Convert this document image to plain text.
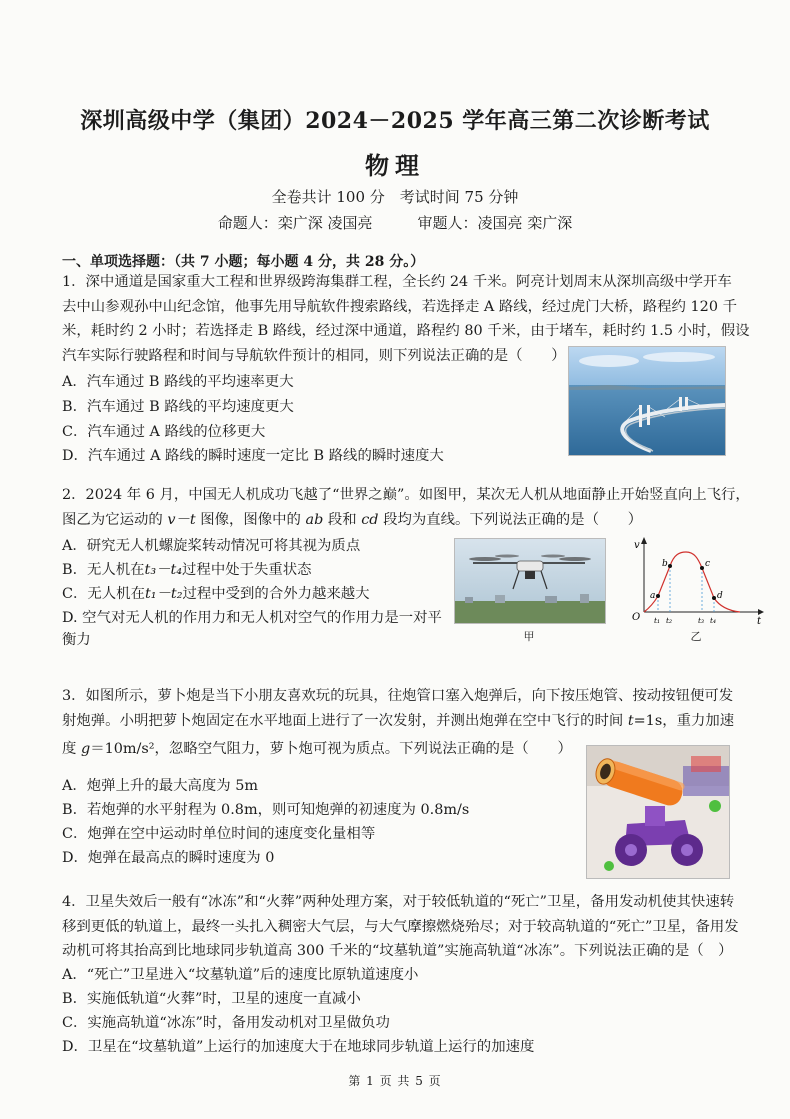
深圳高级中学（集团）2024－2025 学年高三第二次诊断考试
物理
全卷共计 100 分　考试时间 75 分钟
命题人：栾广深 凌国亮　　　审题人：凌国亮 栾广深
一、单项选择题：（共 7 小题；每小题 4 分，共 28 分。）
1．深中通道是国家重大工程和世界级跨海集群工程，全长约 24 千米。阿亮计划周末从深圳高级中学开车
去中山参观孙中山纪念馆，他事先用导航软件搜索路线，若选择走 A 路线，经过虎门大桥，路程约 120 千
米，耗时约 2 小时；若选择走 B 路线，经过深中通道，路程约 80 千米，由于堵车，耗时约 1.5 小时，假设
汽车实际行驶路程和时间与导航软件预计的相同，则下列说法正确的是（　　）
A．汽车通过 B 路线的平均速率更大
B．汽车通过 B 路线的平均速度更大
C．汽车通过 A 路线的位移更大
D．汽车通过 A 路线的瞬时速度一定比 B 路线的瞬时速度大
2．2024 年 6 月，中国无人机成功飞越了“世界之巅”。如图甲，某次无人机从地面静止开始竖直向上飞行，
图乙为它运动的 v－t 图像，图像中的 ab 段和 cd 段均为直线。下列说法正确的是（　　）
A．研究无人机螺旋桨转动情况可将其视为质点
B．无人机在t₃－t₄过程中处于失重状态
C．无人机在t₁－t₂过程中受到的合外力越来越大
D. 空气对无人机的作用力和无人机对空气的作用力是一对平
衡力	甲
v
t
O
a
b	c
d
t₁ t₂	t₃ t₄
乙
3．如图所示，萝卜炮是当下小朋友喜欢玩的玩具，往炮管口塞入炮弹后，向下按压炮管、按动按钮便可发
射炮弹。小明把萝卜炮固定在水平地面上进行了一次发射，并测出炮弹在空中飞行的时间 t=1s，重力加速
度 g＝10m/s²，忽略空气阻力，萝卜炮可视为质点。下列说法正确的是（　　）
A．炮弹上升的最大高度为 5m
B．若炮弹的水平射程为 0.8m，则可知炮弹的初速度为 0.8m/s
C．炮弹在空中运动时单位时间的速度变化量相等
D．炮弹在最高点的瞬时速度为 0
4．卫星失效后一般有“冰冻”和“火葬”两种处理方案，对于较低轨道的“死亡”卫星，备用发动机使其快速转
移到更低的轨道上，最终一头扎入稠密大气层，与大气摩擦燃烧殆尽；对于较高轨道的“死亡”卫星，备用发
动机可将其抬高到比地球同步轨道高 300 千米的“坟墓轨道”实施高轨道“冰冻”。下列说法正确的是（　）
A．“死亡”卫星进入“坟墓轨道”后的速度比原轨道速度小
B．实施低轨道“火葬”时，卫星的速度一直减小
C．实施高轨道“冰冻”时，备用发动机对卫星做负功
D．卫星在“坟墓轨道”上运行的加速度大于在地球同步轨道上运行的加速度
第 1 页 共 5 页
